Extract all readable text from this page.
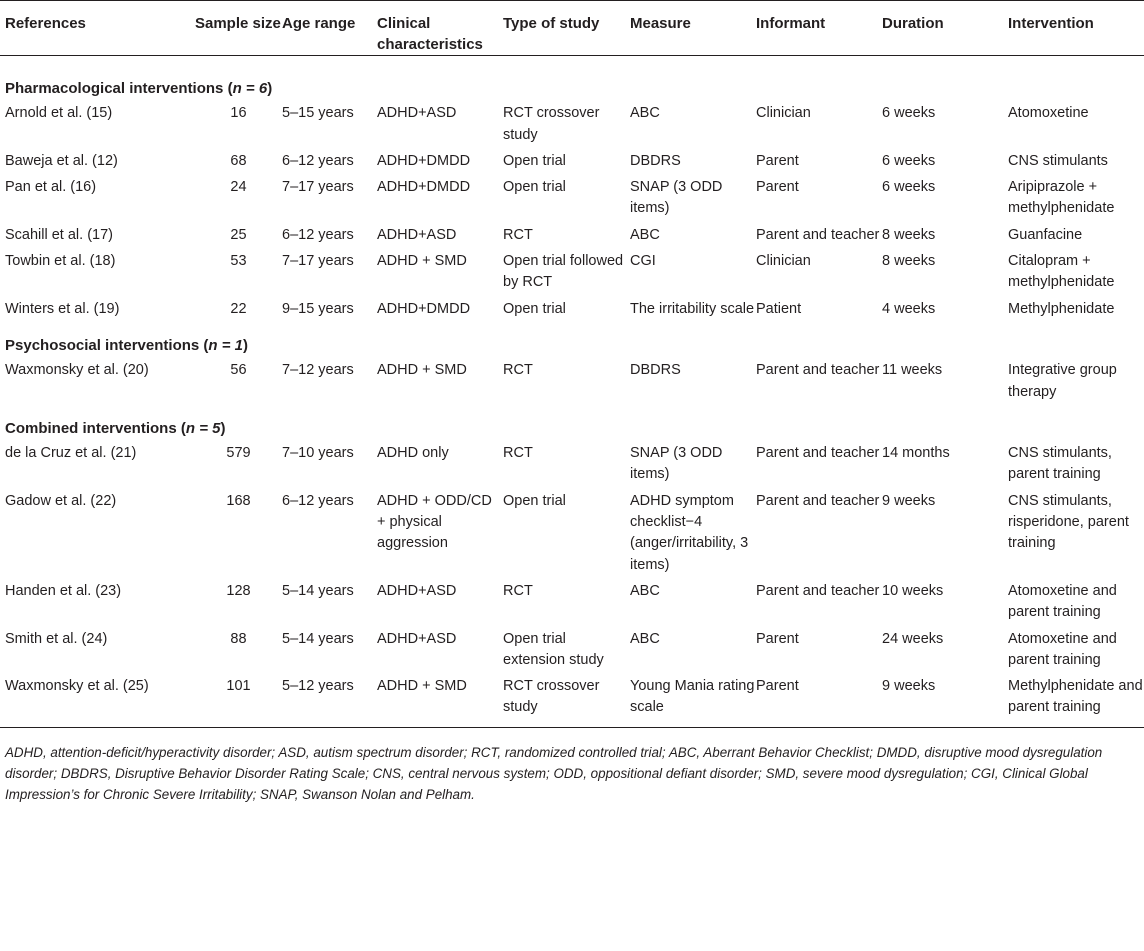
References	Sample size	Age range	Clinical characteristics	Type of study	Measure	Informant	Duration	Intervention
Pharmacological interventions (n = 6)								
Arnold et al. (15)	16	5–15 years	ADHD+ASD	RCT crossover study	ABC	Clinician	6 weeks	Atomoxetine
Baweja et al. (12)	68	6–12 years	ADHD+DMDD	Open trial	DBDRS	Parent	6 weeks	CNS stimulants
Pan et al. (16)	24	7–17 years	ADHD+DMDD	Open trial	SNAP (3 ODD items)	Parent	6 weeks	Aripiprazole + methylphenidate
Scahill et al. (17)	25	6–12 years	ADHD+ASD	RCT	ABC	Parent and teacher	8 weeks	Guanfacine
Towbin et al. (18)	53	7–17 years	ADHD + SMD	Open trial followed by RCT	CGI	Clinician	8 weeks	Citalopram + methylphenidate
Winters et al. (19)	22	9–15 years	ADHD+DMDD	Open trial	The irritability scale	Patient	4 weeks	Methylphenidate
Psychosocial interventions (n = 1)								
Waxmonsky et al. (20)	56	7–12 years	ADHD + SMD	RCT	DBDRS	Parent and teacher	11 weeks	Integrative group therapy
Combined interventions (n = 5)								
de la Cruz et al. (21)	579	7–10 years	ADHD only	RCT	SNAP (3 ODD items)	Parent and teacher	14 months	CNS stimulants, parent training
Gadow et al. (22)	168	6–12 years	ADHD + ODD/CD + physical aggression	Open trial	ADHD symptom checklist−4 (anger/irritability, 3 items)	Parent and teacher	9 weeks	CNS stimulants, risperidone, parent training
Handen et al. (23)	128	5–14 years	ADHD+ASD	RCT	ABC	Parent and teacher	10 weeks	Atomoxetine and parent training
Smith et al. (24)	88	5–14 years	ADHD+ASD	Open trial extension study	ABC	Parent	24 weeks	Atomoxetine and parent training
Waxmonsky et al. (25)	101	5–12 years	ADHD + SMD	RCT crossover study	Young Mania rating scale	Parent	9 weeks	Methylphenidate and parent training
ADHD, attention-deficit/hyperactivity disorder; ASD, autism spectrum disorder; RCT, randomized controlled trial; ABC, Aberrant Behavior Checklist; DMDD, disruptive mood dysregulation disorder; DBDRS, Disruptive Behavior Disorder Rating Scale; CNS, central nervous system; ODD, oppositional defiant disorder; SMD, severe mood dysregulation; CGI, Clinical Global Impression’s for Chronic Severe Irritability; SNAP, Swanson Nolan and Pelham.
